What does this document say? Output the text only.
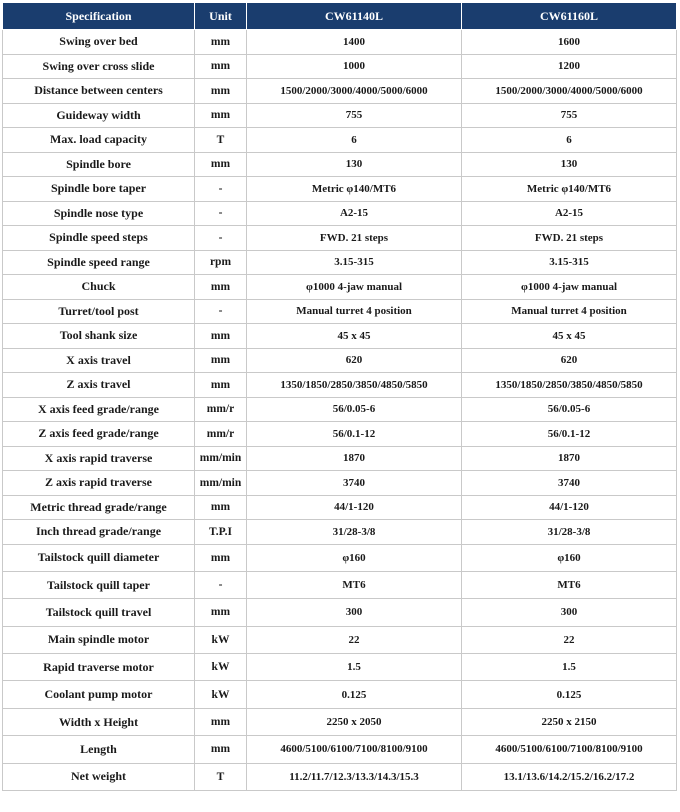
Specification	Unit	CW61140L	CW61160L
Swing over bed	mm	1400	1600
Swing over cross slide	mm	1000	1200
Distance between centers	mm	1500/2000/3000/4000/5000/6000	1500/2000/3000/4000/5000/6000
Guideway width	mm	755	755
Max. load capacity	T	6	6
Spindle bore	mm	130	130
Spindle bore taper	-	Metric φ140/MT6	Metric φ140/MT6
Spindle nose type	-	A2-15	A2-15
Spindle speed steps	-	FWD. 21 steps	FWD. 21 steps
Spindle speed range	rpm	3.15-315	3.15-315
Chuck	mm	φ1000 4-jaw manual	φ1000 4-jaw manual
Turret/tool post	-	Manual turret 4 position	Manual turret 4 position
Tool shank size	mm	45 x 45	45 x 45
X axis travel	mm	620	620
Z axis travel	mm	1350/1850/2850/3850/4850/5850	1350/1850/2850/3850/4850/5850
X axis feed grade/range	mm/r	56/0.05-6	56/0.05-6
Z axis feed grade/range	mm/r	56/0.1-12	56/0.1-12
X axis rapid traverse	mm/min	1870	1870
Z axis rapid traverse	mm/min	3740	3740
Metric thread grade/range	mm	44/1-120	44/1-120
Inch thread grade/range	T.P.I	31/28-3/8	31/28-3/8
Tailstock quill diameter	mm	φ160	φ160
Tailstock quill taper	-	MT6	MT6
Tailstock quill travel	mm	300	300
Main spindle motor	kW	22	22
Rapid traverse motor	kW	1.5	1.5
Coolant pump motor	kW	0.125	0.125
Width x Height	mm	2250 x 2050	2250 x 2150
Length	mm	4600/5100/6100/7100/8100/9100	4600/5100/6100/7100/8100/9100
Net weight	T	11.2/11.7/12.3/13.3/14.3/15.3	13.1/13.6/14.2/15.2/16.2/17.2
